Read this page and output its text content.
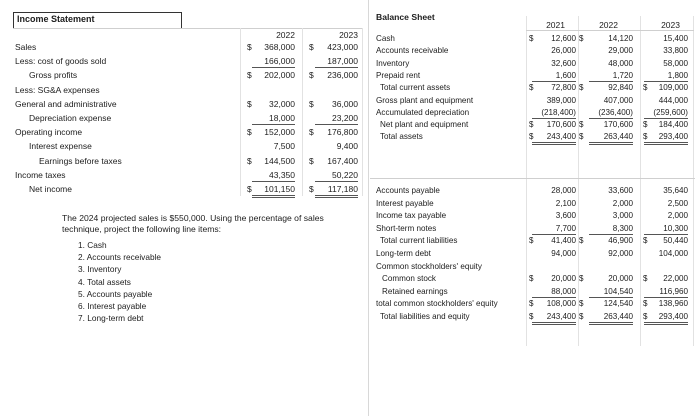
Income Statement
2022	2023
Sales	$	368,000 $	423,000
Less: cost of goods sold	166,000	187,000
Gross profits	$	202,000 $	236,000
Less: SG&A expenses
General and administrative	$	32,000 $	36,000
Depreciation expense	18,000	23,200
Operating income	$	152,000 $	176,800
Interest expense	7,500	9,400
Earnings before taxes	$	144,500 $	167,400
Income taxes	43,350	50,220
Net income	$	101,150 $	117,180
The 2024 projected sales is $550,000. Using the percentage of sales technique, project the following line items:
1. Cash
2. Accounts receivable
3. Inventory
4. Total assets
5. Accounts payable
6. Interest payable
7. Long-term debt
Balance Sheet
2021	2022	2023
Cash	$	12,600 $	14,120	15,400
Accounts receivable	26,000	29,000	33,800
Inventory	32,600	48,000	58,000
Prepaid rent	1,600	1,720	1,800
Total current assets	$	72,800 $	92,840 $	109,000
Gross plant and equipment	389,000	407,000	444,000
Accumulated depreciation	(218,400)	(236,400)	(259,600)
Net plant and equipment	$	170,600 $	170,600 $	184,400
Total assets	$	243,400 $	263,440 $	293,400
Accounts payable	28,000	33,600	35,640
Interest payable	2,100	2,000	2,500
Income tax payable	3,600	3,000	2,000
Short-term notes	7,700	8,300	10,300
Total current liabilities	$	41,400 $	46,900 $	50,440
Long-term debt	94,000	92,000	104,000
Common stockholders' equity
Common stock	$	20,000 $	20,000 $	22,000
Retained earnings	88,000	104,540	116,960
total common stockholders' equity	$	108,000 $	124,540 $	138,960
Total liabilities and equity	$	243,400 $	263,440 $	293,400
